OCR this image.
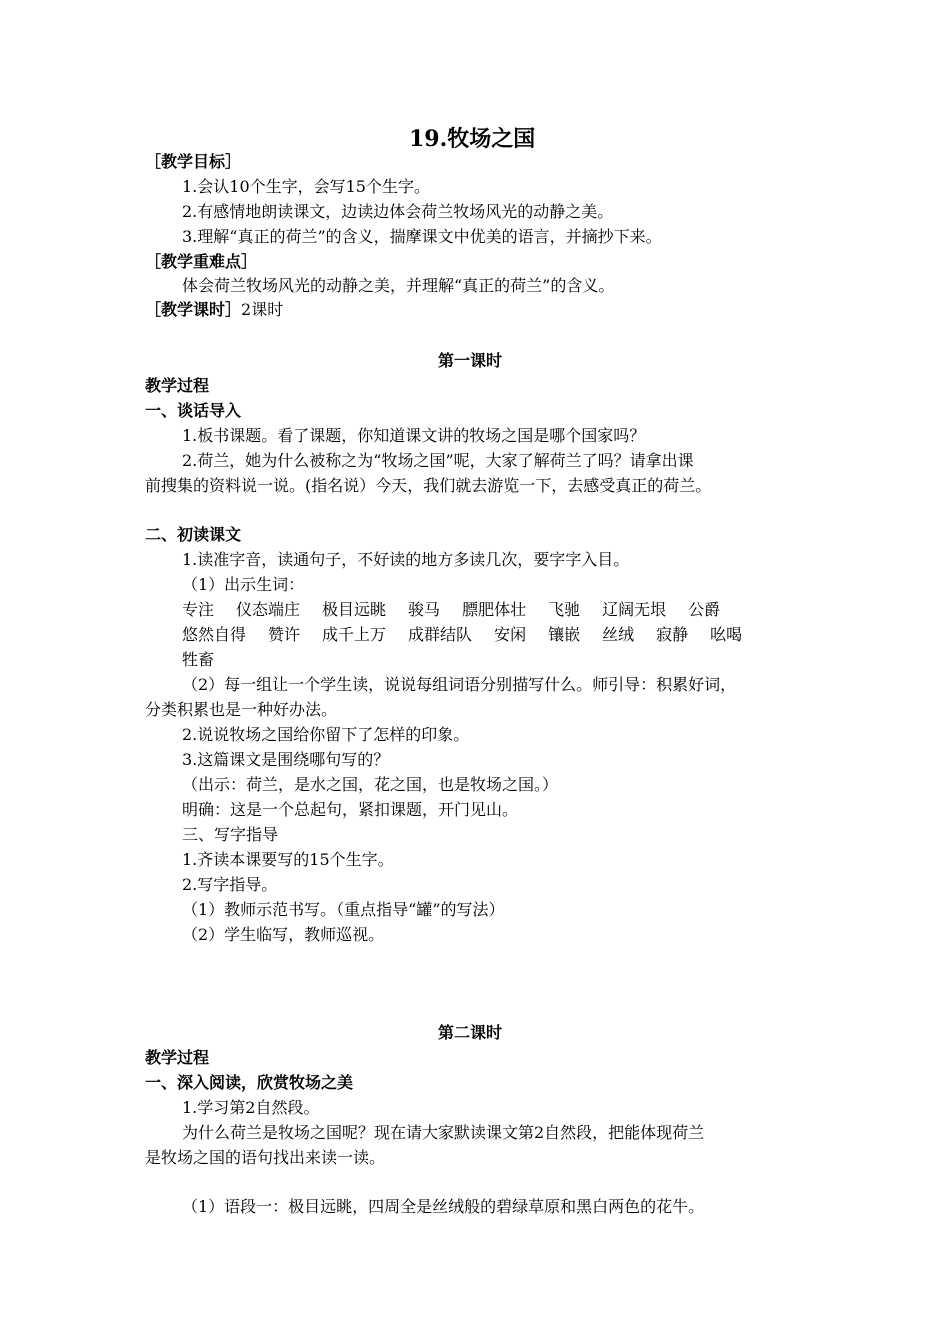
19.牧场之国
［教学目标］
1.会认10个生字，会写15个生字。
2.有感情地朗读课文，边读边体会荷兰牧场风光的动静之美。
3.理解“真正的荷兰”的含义，揣摩课文中优美的语言，并摘抄下来。
［教学重难点］
体会荷兰牧场风光的动静之美，并理解“真正的荷兰”的含义。
［教学课时］2课时
第一课时
教学过程
一、谈话导入
1.板书课题。看了课题，你知道课文讲的牧场之国是哪个国家吗？
2.荷兰，她为什么被称之为“牧场之国”呢，大家了解荷兰了吗？请拿出课
前搜集的资料说一说。(指名说）今天，我们就去游览一下，去感受真正的荷兰。
二、初读课文
1.读准字音，读通句子，不好读的地方多读几次，要字字入目。
（1）出示生词：
专注 仪态端庄 极目远眺 骏马 膘肥体壮 飞驰 辽阔无垠 公爵
悠然自得 赞许 成千上万 成群结队 安闲 镶嵌 丝绒 寂静 吆喝
牲畜
（2）每一组让一个学生读，说说每组词语分别描写什么。师引导：积累好词，
分类积累也是一种好办法。
2.说说牧场之国给你留下了怎样的印象。
3.这篇课文是围绕哪句写的？
（出示：荷兰，是水之国，花之国，也是牧场之国。）
明确：这是一个总起句，紧扣课题，开门见山。
三、写字指导
1.齐读本课要写的15个生字。
2.写字指导。
（1）教师示范书写。（重点指导“罐”的写法）
（2）学生临写，教师巡视。
第二课时
教学过程
一、深入阅读，欣赏牧场之美
1.学习第2自然段。
为什么荷兰是牧场之国呢？现在请大家默读课文第2自然段，把能体现荷兰
是牧场之国的语句找出来读一读。
（1）语段一：极目远眺，四周全是丝绒般的碧绿草原和黑白两色的花牛。
